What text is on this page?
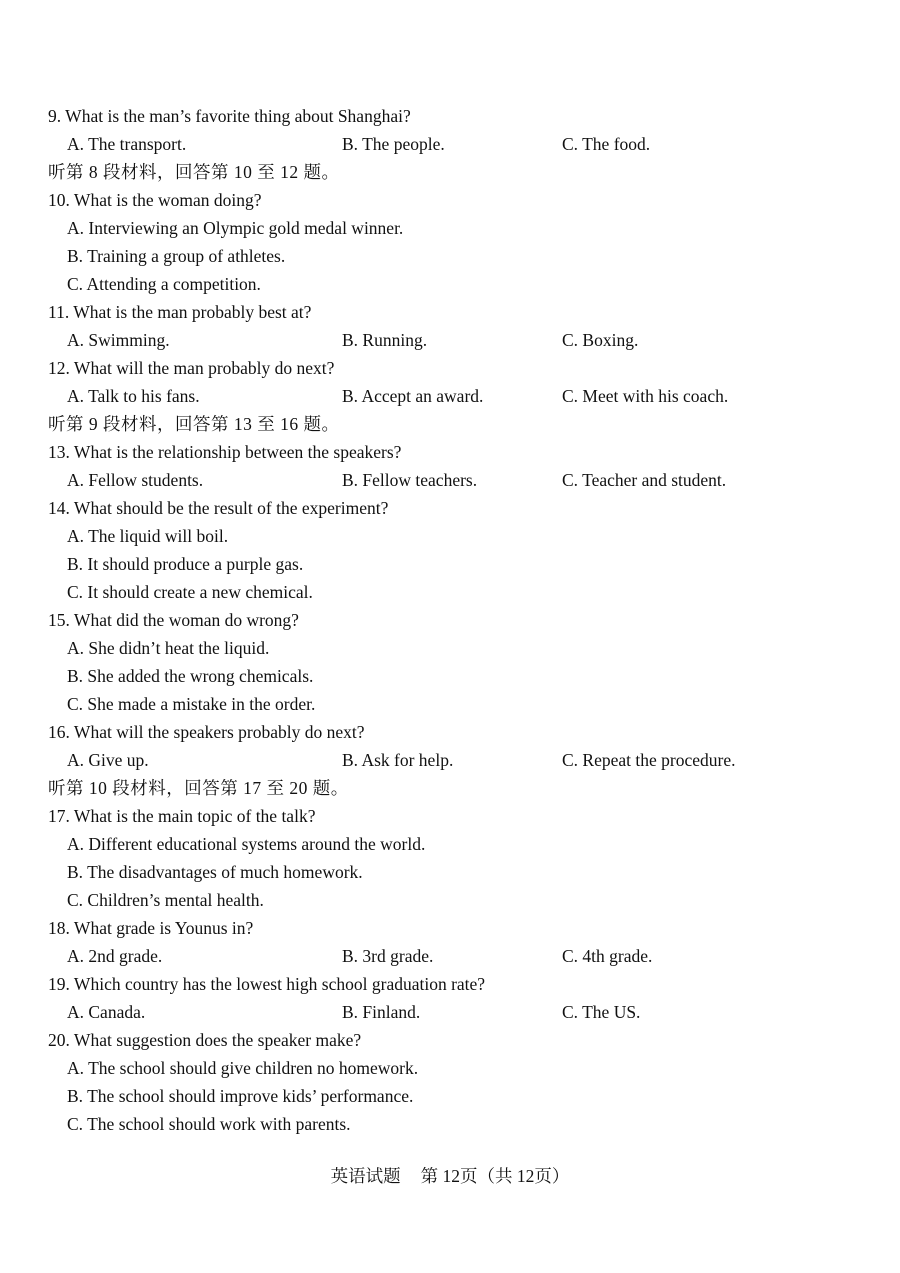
9. What is the man’s favorite thing about Shanghai?
A. The transport.	B. The people.	C. The food.
听第 8 段材料，回答第 10 至 12 题。
10. What is the woman doing?
A. Interviewing an Olympic gold medal winner.
B. Training a group of athletes.
C. Attending a competition.
11. What is the man probably best at?
A. Swimming.	B. Running.	C. Boxing.
12. What will the man probably do next?
A. Talk to his fans.	B. Accept an award.	C. Meet with his coach.
听第 9 段材料，回答第 13 至 16 题。
13. What is the relationship between the speakers?
A. Fellow students.	B. Fellow teachers.	C. Teacher and student.
14. What should be the result of the experiment?
A. The liquid will boil.
B. It should produce a purple gas.
C. It should create a new chemical.
15. What did the woman do wrong?
A. She didn’t heat the liquid.
B. She added the wrong chemicals.
C. She made a mistake in the order.
16. What will the speakers probably do next?
A. Give up.	B. Ask for help.	C. Repeat the procedure.
听第 10 段材料，回答第 17 至 20 题。
17. What is the main topic of the talk?
A. Different educational systems around the world.
B. The disadvantages of much homework.
C. Children’s mental health.
18. What grade is Younus in?
A. 2nd grade.	B. 3rd grade.	C. 4th grade.
19. Which country has the lowest high school graduation rate?
A. Canada.	B. Finland.	C. The US.
20. What suggestion does the speaker make?
A. The school should give children no homework.
B. The school should improve kids’ performance.
C. The school should work with parents.
英语试题 第 12页（共 12页）
